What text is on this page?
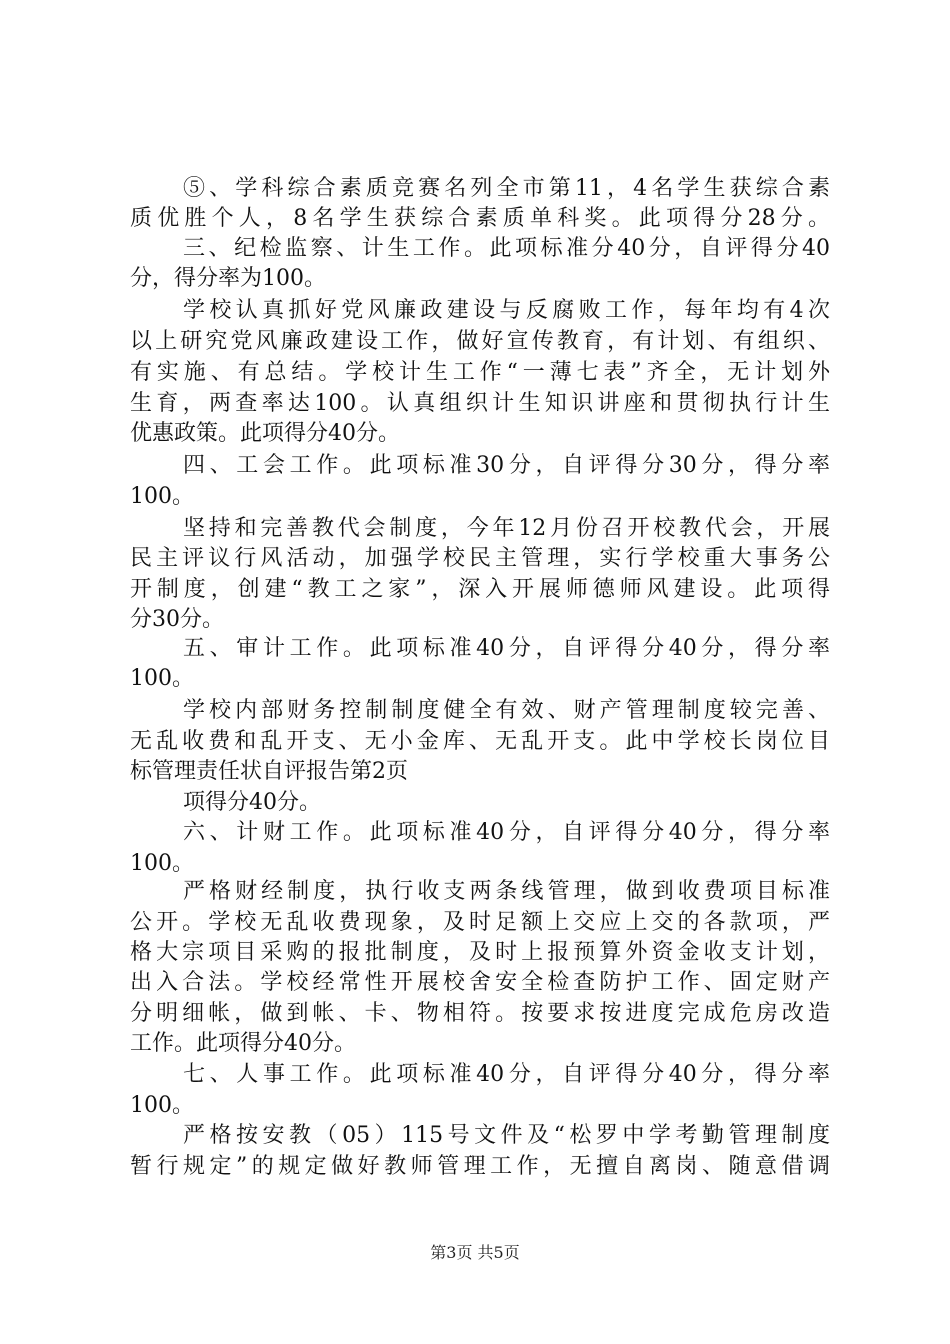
⑤、学科综合素质竞赛名列全市第11，4名学生获综合素
质优胜个人，8名学生获综合素质单科奖。此项得分28分。
三、纪检监察、计生工作。此项标准分40分，自评得分40
分，得分率为100。
学校认真抓好党风廉政建设与反腐败工作，每年均有4次
以上研究党风廉政建设工作，做好宣传教育，有计划、有组织、
有实施、有总结。学校计生工作“一薄七表”齐全，无计划外
生育，两查率达100。认真组织计生知识讲座和贯彻执行计生
优惠政策。此项得分40分。
四、工会工作。此项标准30分，自评得分30分，得分率
100。
坚持和完善教代会制度，今年12月份召开校教代会，开展
民主评议行风活动，加强学校民主管理，实行学校重大事务公
开制度，创建“教工之家”，深入开展师德师风建设。此项得
分30分。
五、审计工作。此项标准40分，自评得分40分，得分率
100。
学校内部财务控制制度健全有效、财产管理制度较完善、
无乱收费和乱开支、无小金库、无乱开支。此中学校长岗位目
标管理责任状自评报告第2页
项得分40分。
六、计财工作。此项标准40分，自评得分40分，得分率
100。
严格财经制度，执行收支两条线管理，做到收费项目标准
公开。学校无乱收费现象，及时足额上交应上交的各款项，严
格大宗项目采购的报批制度，及时上报预算外资金收支计划，
出入合法。学校经常性开展校舍安全检查防护工作、固定财产
分明细帐，做到帐、卡、物相符。按要求按进度完成危房改造
工作。此项得分40分。
七、人事工作。此项标准40分，自评得分40分，得分率
100。
严格按安教（05）115号文件及“松罗中学考勤管理制度
暂行规定”的规定做好教师管理工作，无擅自离岗、随意借调
第3页 共5页
